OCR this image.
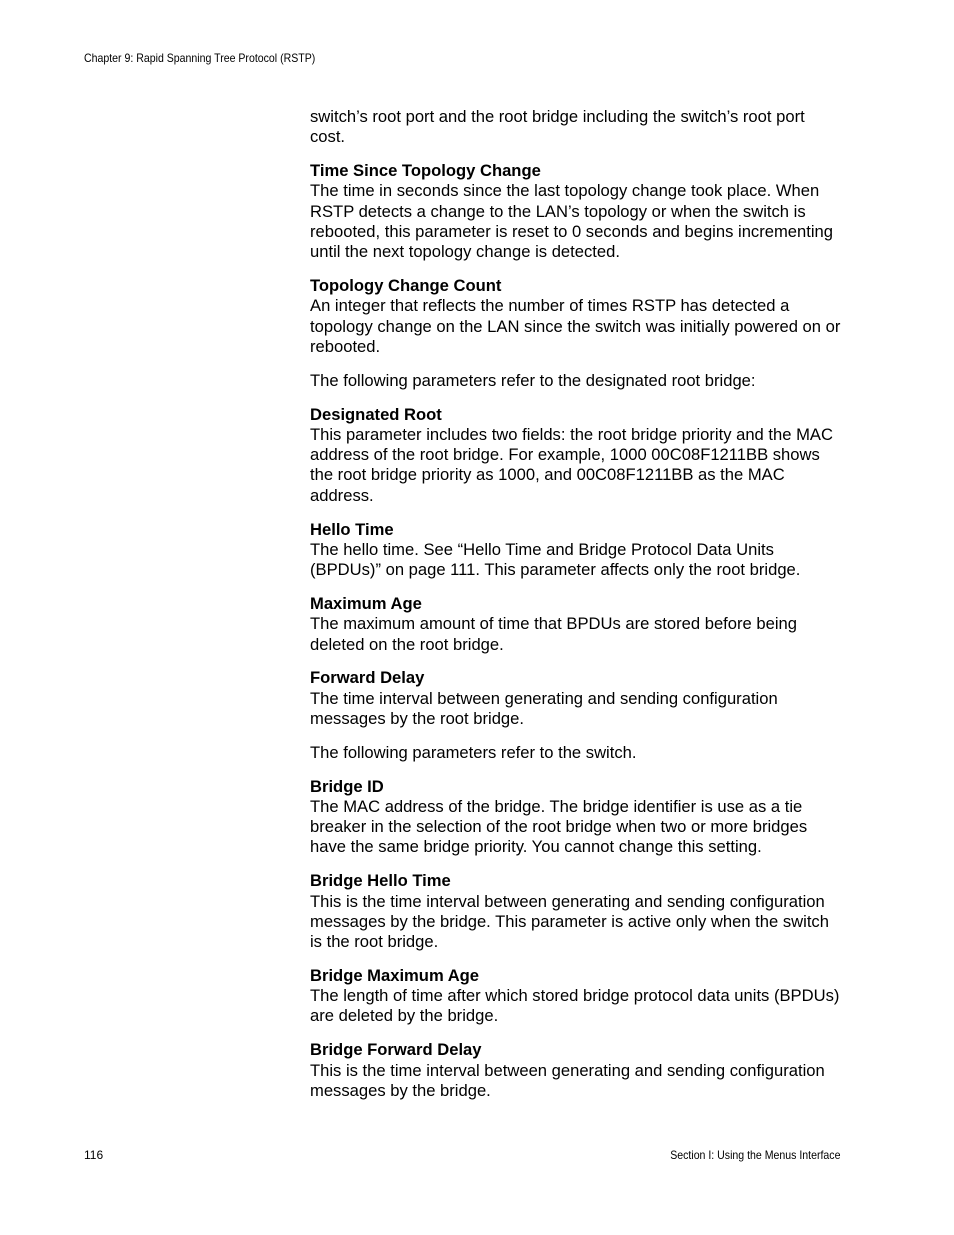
Chapter 9: Rapid Spanning Tree Protocol (RSTP)

switch’s root port and the root bridge including the switch’s root port cost.

Time Since Topology Change

The time in seconds since the last topology change took place. When RSTP detects a change to the LAN’s topology or when the switch is rebooted, this parameter is reset to 0 seconds and begins incrementing until the next topology change is detected.

Topology Change Count

An integer that reflects the number of times RSTP has detected a topology change on the LAN since the switch was initially powered on or rebooted.

The following parameters refer to the designated root bridge:

Designated Root

This parameter includes two fields: the root bridge priority and the MAC address of the root bridge. For example, 1000 00C08F1211BB shows the root bridge priority as 1000, and 00C08F1211BB as the MAC address.

Hello Time

The hello time. See “Hello Time and Bridge Protocol Data Units (BPDUs)” on page 111. This parameter affects only the root bridge.

Maximum Age

The maximum amount of time that BPDUs are stored before being deleted on the root bridge.

Forward Delay

The time interval between generating and sending configuration messages by the root bridge.

The following parameters refer to the switch.

Bridge ID

The MAC address of the bridge. The bridge identifier is use as a tie breaker in the selection of the root bridge when two or more bridges have the same bridge priority. You cannot change this setting.

Bridge Hello Time

This is the time interval between generating and sending configuration messages by the bridge. This parameter is active only when the switch is the root bridge.

Bridge Maximum Age

The length of time after which stored bridge protocol data units (BPDUs) are deleted by the bridge.

Bridge Forward Delay

This is the time interval between generating and sending configuration messages by the bridge.

116	Section I: Using the Menus Interface
